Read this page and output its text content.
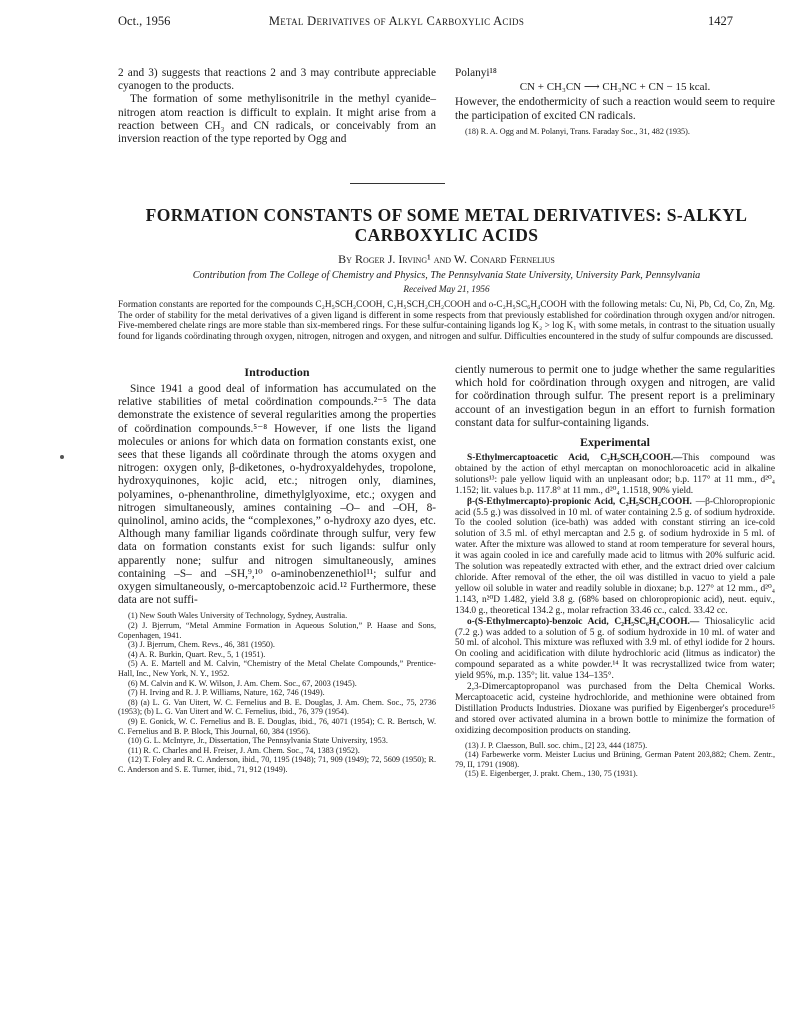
Oct., 1956	Metal Derivatives of Alkyl Carboxylic Acids	1427

2 and 3) suggests that reactions 2 and 3 may contribute appreciable cyanogen to the products.

The formation of some methylisonitrile in the methyl cyanide–nitrogen atom reaction is difficult to explain. It might arise from a reaction between CH₃ and CN radicals, or conceivably from an inversion reaction of the type reported by Ogg and

Polanyi¹⁸

CN + CH₃CN ⟶ CH₃NC + CN − 15 kcal.

However, the endothermicity of such a reaction would seem to require the participation of excited CN radicals.

(18) R. A. Ogg and M. Polanyi, Trans. Faraday Soc., 31, 482 (1935).

FORMATION CONSTANTS OF SOME METAL DERIVATIVES: S-ALKYL
CARBOXYLIC ACIDS
By Roger J. Irving¹ and W. Conard Fernelius
Contribution from The College of Chemistry and Physics, The Pennsylvania State University, University Park, Pennsylvania
Received May 21, 1956
Formation constants are reported for the compounds C₂H₅SCH₂COOH, C₂H₅SCH₂CH₂COOH and o-C₂H₅SC₆H₄COOH with the following metals: Cu, Ni, Pb, Cd, Co, Zn, Mg. The order of stability for the metal derivatives of a given ligand is different in some respects from that previously established for coördination through oxygen and/or nitrogen. Five-membered chelate rings are more stable than six-membered rings. For these sulfur-containing ligands log K₂ > log K₁ with some metals, in contrast to the situation usually found for ligands coördinating through oxygen, nitrogen, nitrogen and oxygen, and nitrogen and sulfur. Difficulties encountered in the study of sulfur compounds are discussed.
Introduction

Since 1941 a good deal of information has accumulated on the relative stabilities of metal coördination compounds.²⁻⁵ The data demonstrate the existence of several regularities among the properties of coördination compounds.⁵⁻⁸ However, if one lists the ligand molecules or anions for which data on formation constants exist, one sees that these ligands all coördinate through the atoms oxygen and nitrogen: oxygen only, β-diketones, o-hydroxyaldehydes, tropolone, hydroxyquinones, kojic acid, etc.; nitrogen only, diamines, polyamines, o-phenanthroline, dimethylglyoxime, etc.; oxygen and nitrogen simultaneously, amines containing –O– and –OH, 8-quinolinol, amino acids, the “complexones,” o-hydroxy azo dyes, etc. Although many familiar ligands coördinate through sulfur, very few data on formation constants exist for such ligands: sulfur only apparently none; sulfur and nitrogen simultaneously, amines containing –S– and –SH,⁹,¹⁰ o-aminobenzenethiol¹¹; sulfur and oxygen simultaneously, o-mercaptobenzoic acid.¹² Furthermore, these data are not suffi-

(1) New South Wales University of Technology, Sydney, Australia.

(2) J. Bjerrum, “Metal Ammine Formation in Aqueous Solution,” P. Haase and Sons, Copenhagen, 1941.

(3) J. Bjerrum, Chem. Revs., 46, 381 (1950).

(4) A. R. Burkin, Quart. Rev., 5, 1 (1951).

(5) A. E. Martell and M. Calvin, “Chemistry of the Metal Chelate Compounds,” Prentice-Hall, Inc., New York, N. Y., 1952.

(6) M. Calvin and K. W. Wilson, J. Am. Chem. Soc., 67, 2003 (1945).

(7) H. Irving and R. J. P. Williams, Nature, 162, 746 (1949).

(8) (a) L. G. Van Uitert, W. C. Fernelius and B. E. Douglas, J. Am. Chem. Soc., 75, 2736 (1953); (b) L. G. Van Uitert and W. C. Fernelius, ibid., 76, 379 (1954).

(9) E. Gonick, W. C. Fernelius and B. E. Douglas, ibid., 76, 4071 (1954); C. R. Bertsch, W. C. Fernelius and B. P. Block, This Journal, 60, 384 (1956).

(10) G. L. McIntyre, Jr., Dissertation, The Pennsylvania State University, 1953.

(11) R. C. Charles and H. Freiser, J. Am. Chem. Soc., 74, 1383 (1952).

(12) T. Foley and R. C. Anderson, ibid., 70, 1195 (1948); 71, 909 (1949); 72, 5609 (1950); R. C. Anderson and S. E. Turner, ibid., 71, 912 (1949).

ciently numerous to permit one to judge whether the same regularities which hold for coördination through oxygen and nitrogen, are valid for coördination through sulfur. The present report is a preliminary account of an investigation begun in an effort to furnish formation constant data for sulfur-containing ligands.

Experimental

S-Ethylmercaptoacetic Acid, C₂H₅SCH₂COOH.—This compound was obtained by the action of ethyl mercaptan on monochloroacetic acid in alkaline solutions¹³: pale yellow liquid with an unpleasant odor; b.p. 117° at 11 mm., d²⁰₄ 1.152; lit. values b.p. 117.8° at 11 mm., d²⁰₄ 1.1518, 90% yield.

β-(S-Ethylmercapto)-propionic Acid, C₂H₅SCH₂COOH. —β-Chloropropionic acid (5.5 g.) was dissolved in 10 ml. of water containing 2.5 g. of sodium hydroxide. To the cooled solution (ice-bath) was added with constant stirring an ice-cold solution of 3.5 ml. of ethyl mercaptan and 2.5 g. of sodium hydroxide in 5 ml. of water. After the mixture was allowed to stand at room temperature for several hours, it was again cooled in ice and carefully made acid to litmus with 20% sulfuric acid. The solution was repeatedly extracted with ether, and the extract dried over calcium chloride. After removal of the ether, the oil was distilled in vacuo to yield a pale yellow oil soluble in water and readily soluble in dioxane; b.p. 127° at 12 mm., d²⁰₄ 1.143, n²⁰D 1.482, yield 3.8 g. (68% based on chloropropionic acid), neut. equiv., 134.0 g., theoretical 134.2 g., molar refraction 33.46 cc., calcd. 33.42 cc.

o-(S-Ethylmercapto)-benzoic Acid, C₂H₅SC₆H₄COOH.— Thiosalicylic acid (7.2 g.) was added to a solution of 5 g. of sodium hydroxide in 10 ml. of water and 50 ml. of alcohol. This mixture was refluxed with 3.9 ml. of ethyl iodide for 2 hours. On cooling and acidification with dilute hydrochloric acid (litmus as indicator) the compound separated as a white powder.¹⁴ It was recrystallized twice from water; yield 95%, m.p. 135°; lit. value 134–135°.

2,3-Dimercaptopropanol was purchased from the Delta Chemical Works. Mercaptoacetic acid, cysteine hydrochloride, and methionine were obtained from Distillation Products Industries. Dioxane was purified by Eigenberger's procedure¹⁵ and stored over activated alumina in a brown bottle to minimize the formation of oxidizing decomposition products on standing.

(13) J. P. Claesson, Bull. soc. chim., [2] 23, 444 (1875).

(14) Farbewerke vorm. Meister Lucius und Brüning, German Patent 203,882; Chem. Zentr., 79, II, 1791 (1908).

(15) E. Eigenberger, J. prakt. Chem., 130, 75 (1931).
